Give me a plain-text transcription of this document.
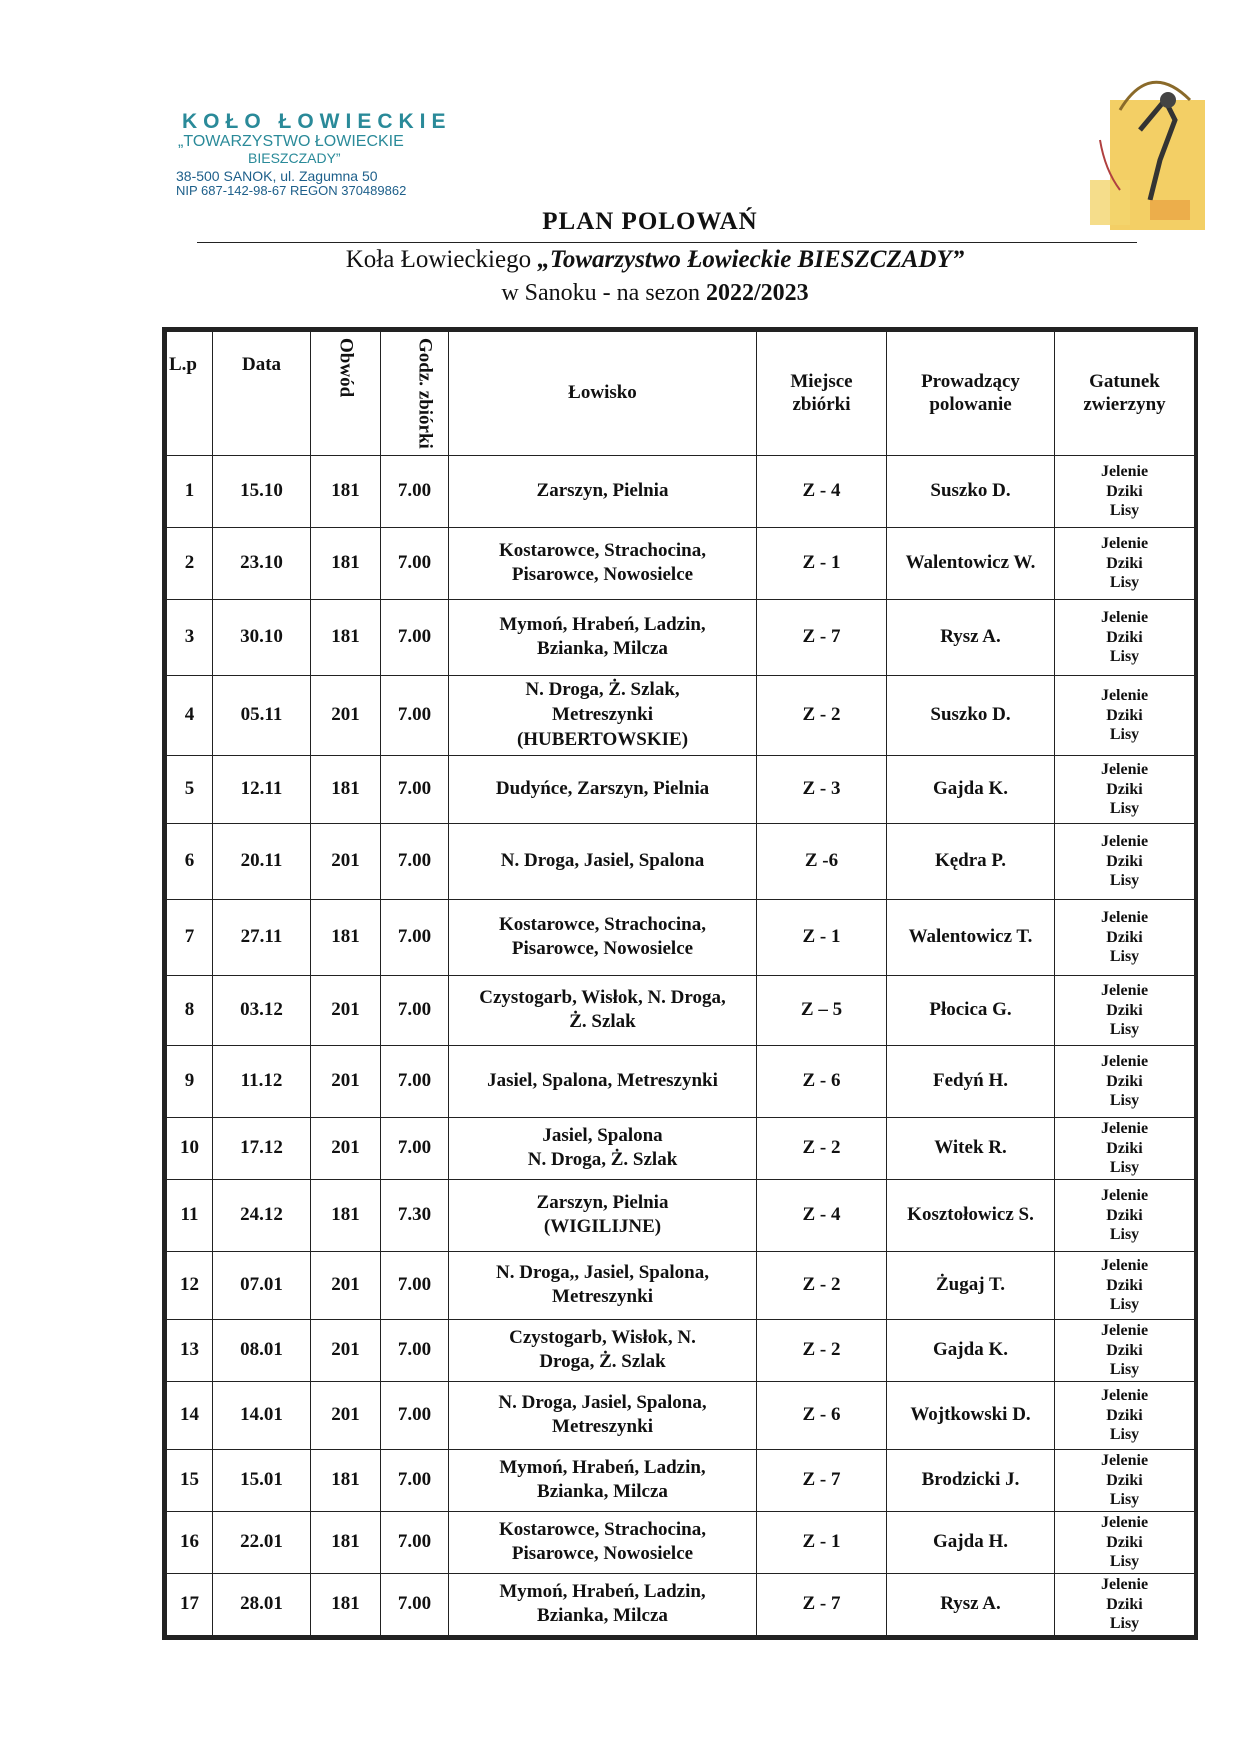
KOŁO ŁOWIECKIE
„TOWARZYSTWO ŁOWIECKIE
BIESZCZADY”
38-500 SANOK, ul. Zagumna 50
NIP 687-142-98-67 REGON 370489862
PLAN POLOWAŃ
Koła Łowieckiego „Towarzystwo Łowieckie BIESZCZADY”
w Sanoku - na sezon 2022/2023
L.p	Data	Obwód	Godz. zbiórki	Łowisko	Miejsce zbiórki	Prowadzący polowanie	Gatunek zwierzyny
1	15.10	181	7.00	Zarszyn, Pielnia	Z - 4	Suszko D.	Jelenie
Dziki
Lisy
2	23.10	181	7.00	Kostarowce, Strachocina,
Pisarowce, Nowosielce	Z - 1	Walentowicz W.	Jelenie
Dziki
Lisy
3	30.10	181	7.00	Mymoń, Hrabeń, Ladzin,
Bzianka, Milcza	Z - 7	Rysz A.	Jelenie
Dziki
Lisy
4	05.11	201	7.00	N. Droga, Ż. Szlak,
Metreszynki
(HUBERTOWSKIE)	Z - 2	Suszko D.	Jelenie
Dziki
Lisy
5	12.11	181	7.00	Dudyńce, Zarszyn, Pielnia	Z - 3	Gajda K.	Jelenie
Dziki
Lisy
6	20.11	201	7.00	N. Droga, Jasiel, Spalona	Z -6	Kędra P.	Jelenie
Dziki
Lisy
7	27.11	181	7.00	Kostarowce, Strachocina,
Pisarowce, Nowosielce	Z - 1	Walentowicz T.	Jelenie
Dziki
Lisy
8	03.12	201	7.00	Czystogarb, Wisłok, N. Droga,
Ż. Szlak	Z – 5	Płocica G.	Jelenie
Dziki
Lisy
9	11.12	201	7.00	Jasiel, Spalona, Metreszynki	Z - 6	Fedyń H.	Jelenie
Dziki
Lisy
10	17.12	201	7.00	Jasiel, Spalona
N. Droga, Ż. Szlak	Z - 2	Witek R.	Jelenie
Dziki
Lisy
11	24.12	181	7.30	Zarszyn, Pielnia
(WIGILIJNE)	Z - 4	Kosztołowicz S.	Jelenie
Dziki
Lisy
12	07.01	201	7.00	N. Droga,, Jasiel, Spalona,
Metreszynki	Z - 2	Żugaj T.	Jelenie
Dziki
Lisy
13	08.01	201	7.00	Czystogarb, Wisłok, N.
Droga, Ż. Szlak	Z - 2	Gajda K.	Jelenie
Dziki
Lisy
14	14.01	201	7.00	N. Droga, Jasiel, Spalona,
Metreszynki	Z - 6	Wojtkowski D.	Jelenie
Dziki
Lisy
15	15.01	181	7.00	Mymoń, Hrabeń, Ladzin,
Bzianka, Milcza	Z - 7	Brodzicki J.	Jelenie
Dziki
Lisy
16	22.01	181	7.00	Kostarowce, Strachocina,
Pisarowce, Nowosielce	Z - 1	Gajda H.	Jelenie
Dziki
Lisy
17	28.01	181	7.00	Mymoń, Hrabeń, Ladzin,
Bzianka, Milcza	Z - 7	Rysz A.	Jelenie
Dziki
Lisy
